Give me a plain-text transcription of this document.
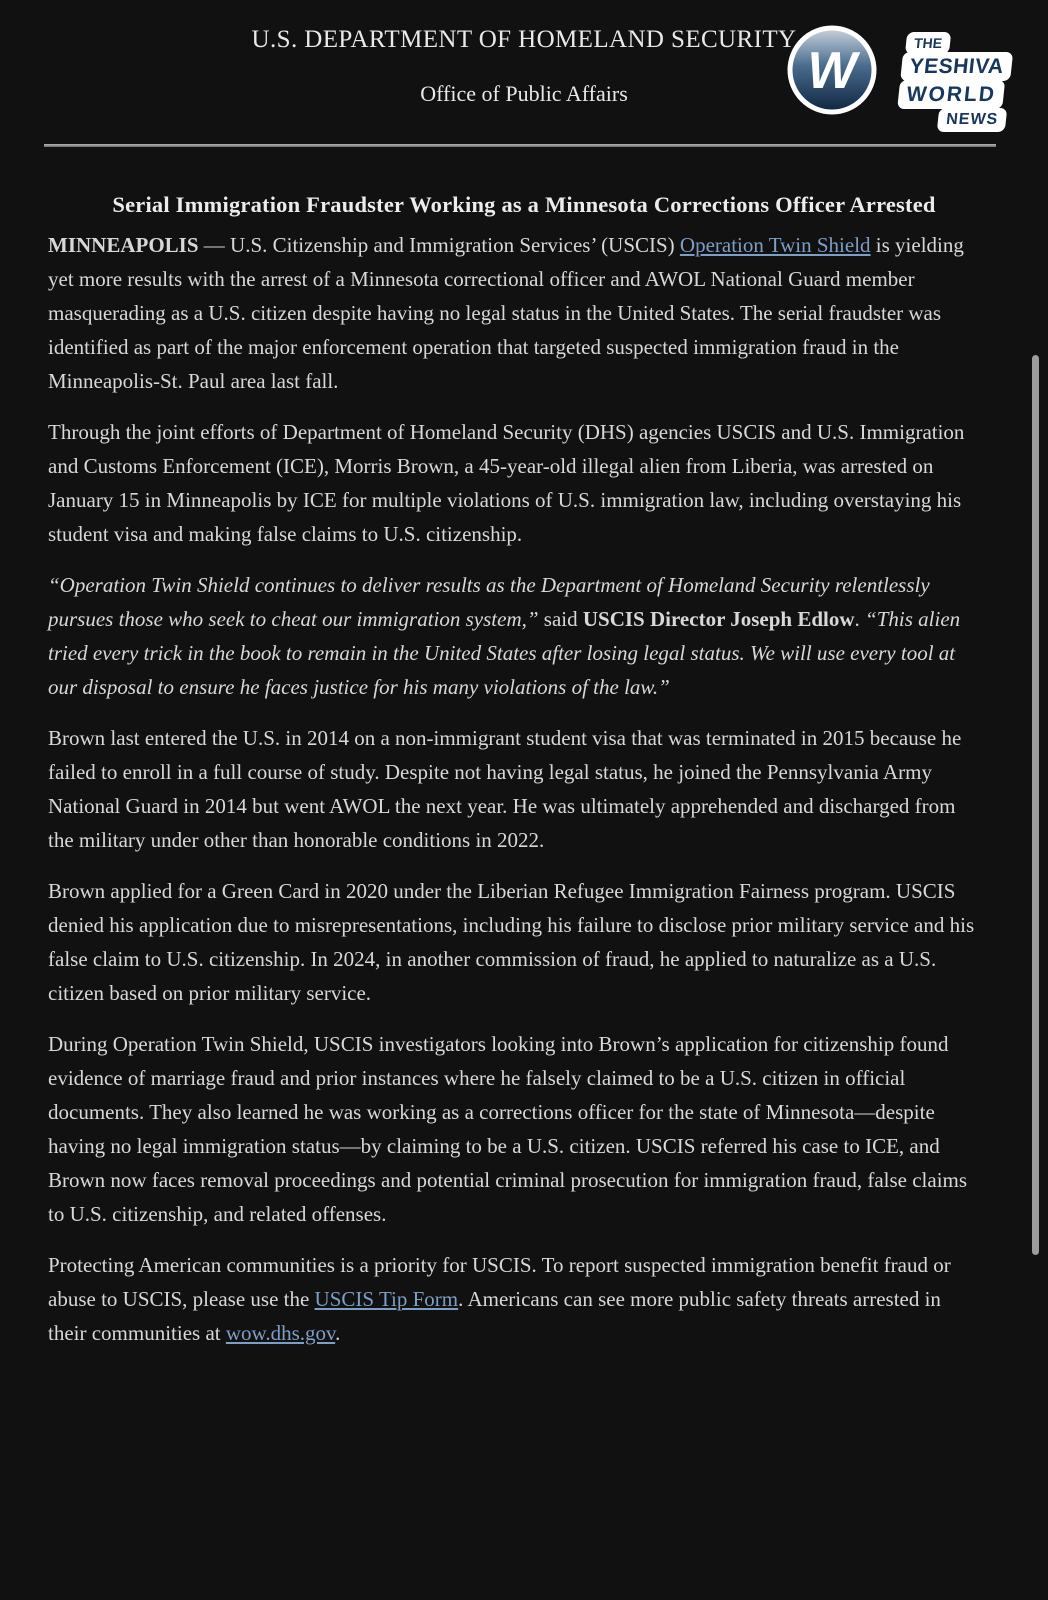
U.S. DEPARTMENT OF HOMELAND SECURITY
Office of Public Affairs	W	THE
YESHIVA
WORLD
NEWS
Serial Immigration Fraudster Working as a Minnesota Corrections Officer Arrested

MINNEAPOLIS — U.S. Citizenship and Immigration Services’ (USCIS) Operation Twin Shield is yielding yet more results with the arrest of a Minnesota correctional officer and AWOL National Guard member masquerading as a U.S. citizen despite having no legal status in the United States. The serial fraudster was identified as part of the major enforcement operation that targeted suspected immigration fraud in the Minneapolis-St. Paul area last fall.

Through the joint efforts of Department of Homeland Security (DHS) agencies USCIS and U.S. Immigration and Customs Enforcement (ICE), Morris Brown, a 45-year-old illegal alien from Liberia, was arrested on January 15 in Minneapolis by ICE for multiple violations of U.S. immigration law, including overstaying his student visa and making false claims to U.S. citizenship.

“Operation Twin Shield continues to deliver results as the Department of Homeland Security relentlessly pursues those who seek to cheat our immigration system,” said USCIS Director Joseph Edlow. “This alien tried every trick in the book to remain in the United States after losing legal status. We will use every tool at our disposal to ensure he faces justice for his many violations of the law.”

Brown last entered the U.S. in 2014 on a non-immigrant student visa that was terminated in 2015 because he failed to enroll in a full course of study. Despite not having legal status, he joined the Pennsylvania Army National Guard in 2014 but went AWOL the next year. He was ultimately apprehended and discharged from the military under other than honorable conditions in 2022.

Brown applied for a Green Card in 2020 under the Liberian Refugee Immigration Fairness program. USCIS denied his application due to misrepresentations, including his failure to disclose prior military service and his false claim to U.S. citizenship. In 2024, in another commission of fraud, he applied to naturalize as a U.S. citizen based on prior military service.

During Operation Twin Shield, USCIS investigators looking into Brown’s application for citizenship found evidence of marriage fraud and prior instances where he falsely claimed to be a U.S. citizen in official documents. They also learned he was working as a corrections officer for the state of Minnesota—despite having no legal immigration status—by claiming to be a U.S. citizen. USCIS referred his case to ICE, and Brown now faces removal proceedings and potential criminal prosecution for immigration fraud, false claims to U.S. citizenship, and related offenses.

Protecting American communities is a priority for USCIS. To report suspected immigration benefit fraud or abuse to USCIS, please use the USCIS Tip Form. Americans can see more public safety threats arrested in their communities at wow.dhs.gov.
